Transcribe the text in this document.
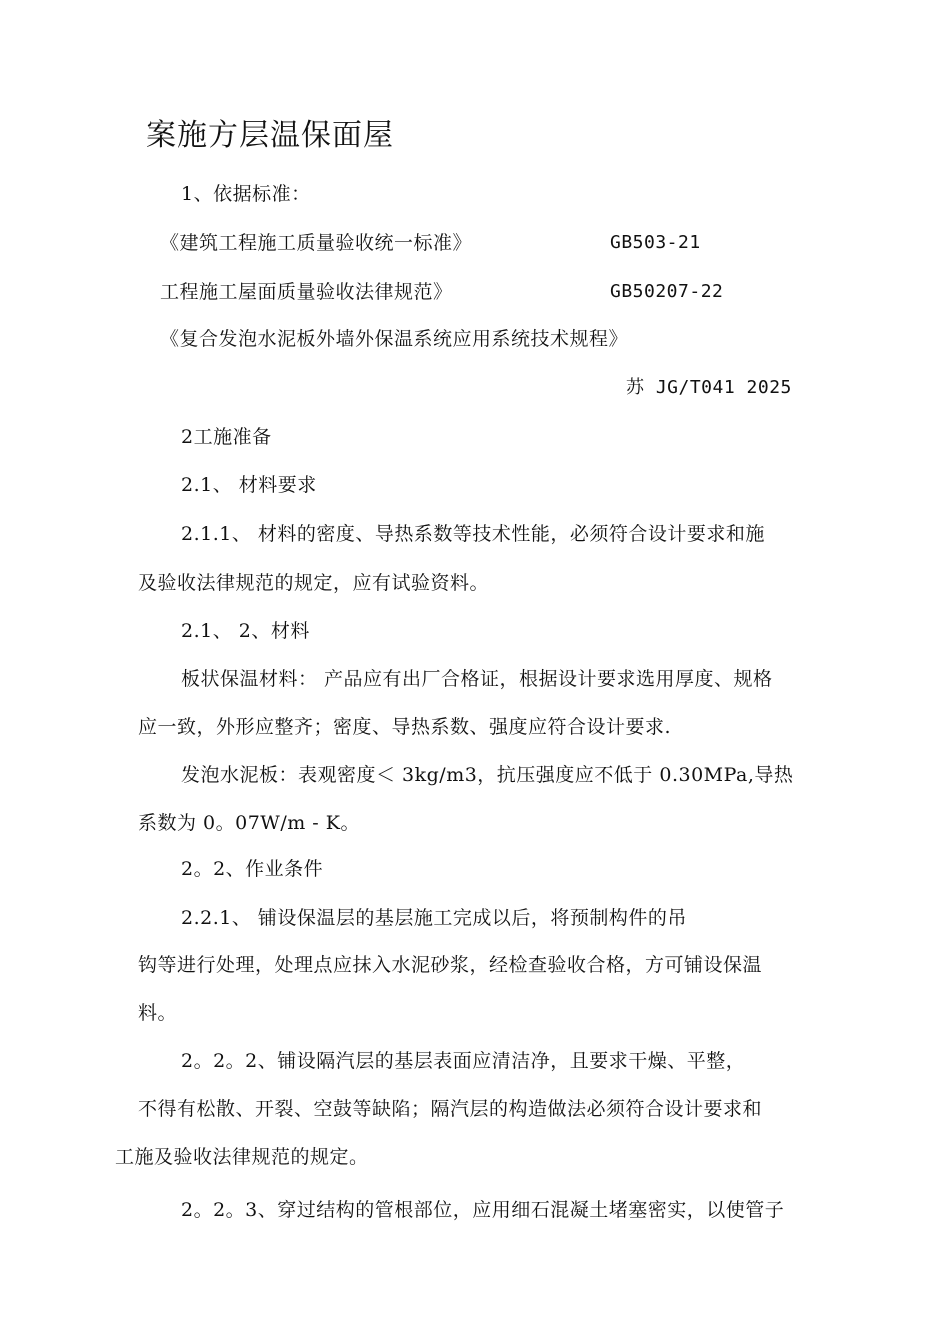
案施方层温保面屋
1、依据标准：
《建筑工程施工质量验收统一标准》	GB503-21
工程施工屋面质量验收法律规范》	GB50207-22
《复合发泡水泥板外墙外保温系统应用系统技术规程》
苏 JG/T041 2025
2工施准备
2.1、 材料要求
2.1.1、 材料的密度、导热系数等技术性能，必须符合设计要求和施
及验收法律规范的规定，应有试验资料。
2.1、 2、材料
板状保温材料： 产品应有出厂合格证，根据设计要求选用厚度、规格
应一致，外形应整齐；密度、导热系数、强度应符合设计要求.
发泡水泥板：表观密度＜ 3kg/m3，抗压强度应不低于 0.30MPa,导热
系数为 0。07W/m - K。
2。2、作业条件
2.2.1、 铺设保温层的基层施工完成以后，将预制构件的吊
钩等进行处理，处理点应抹入水泥砂浆，经检查验收合格，方可铺设保温
料。
2。2。2、铺设隔汽层的基层表面应清洁净，且要求干燥、平整，
不得有松散、开裂、空鼓等缺陷；隔汽层的构造做法必须符合设计要求和
工施及验收法律规范的规定。
2。2。3、穿过结构的管根部位，应用细石混凝土堵塞密实，以使管子
